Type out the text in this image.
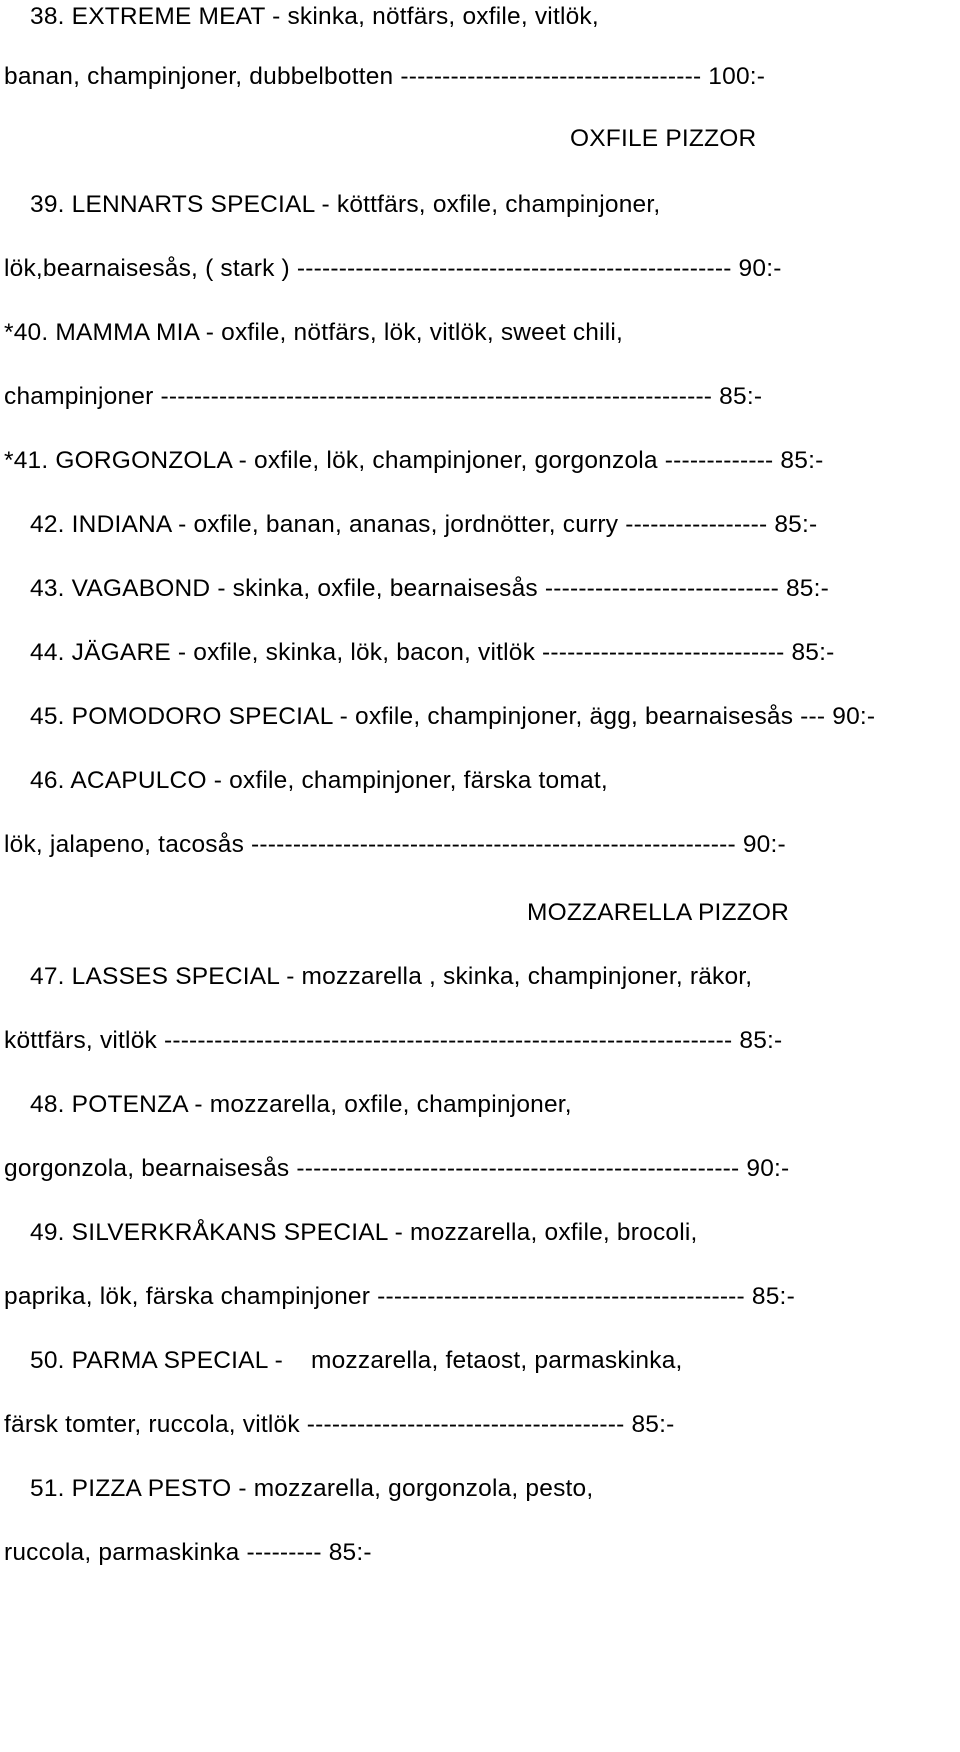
38. EXTREME MEAT - skinka, nötfärs, oxfile, vitlök,
banan, champinjoner, dubbelbotten ------------------------------------ 100:-
OXFILE PIZZOR
39. LENNARTS SPECIAL - köttfärs, oxfile, champinjoner,
lök,bearnaisesås, ( stark ) ---------------------------------------------------- 90:-
*40. MAMMA MIA - oxfile, nötfärs, lök, vitlök, sweet chili,
champinjoner ------------------------------------------------------------------ 85:-
*41. GORGONZOLA - oxfile, lök, champinjoner, gorgonzola ------------- 85:-
42. INDIANA - oxfile, banan, ananas, jordnötter, curry ----------------- 85:-
43. VAGABOND - skinka, oxfile, bearnaisesås ---------------------------- 85:-
44. JÄGARE - oxfile, skinka, lök, bacon, vitlök ----------------------------- 85:-
45. POMODORO SPECIAL - oxfile, champinjoner, ägg, bearnaisesås --- 90:-
46. ACAPULCO - oxfile, champinjoner, färska tomat,
lök, jalapeno, tacosås ---------------------------------------------------------- 90:-
MOZZARELLA PIZZOR
47. LASSES SPECIAL - mozzarella , skinka, champinjoner, räkor,
köttfärs, vitlök -------------------------------------------------------------------- 85:-
48. POTENZA - mozzarella, oxfile, champinjoner,
gorgonzola, bearnaisesås ----------------------------------------------------- 90:-
49. SILVERKRÅKANS SPECIAL - mozzarella, oxfile, brocoli,
paprika, lök, färska champinjoner -------------------------------------------- 85:-
50. PARMA SPECIAL -    mozzarella, fetaost, parmaskinka,
färsk tomter, ruccola, vitlök -------------------------------------- 85:-
51. PIZZA PESTO - mozzarella, gorgonzola, pesto,
ruccola, parmaskinka --------- 85:-
